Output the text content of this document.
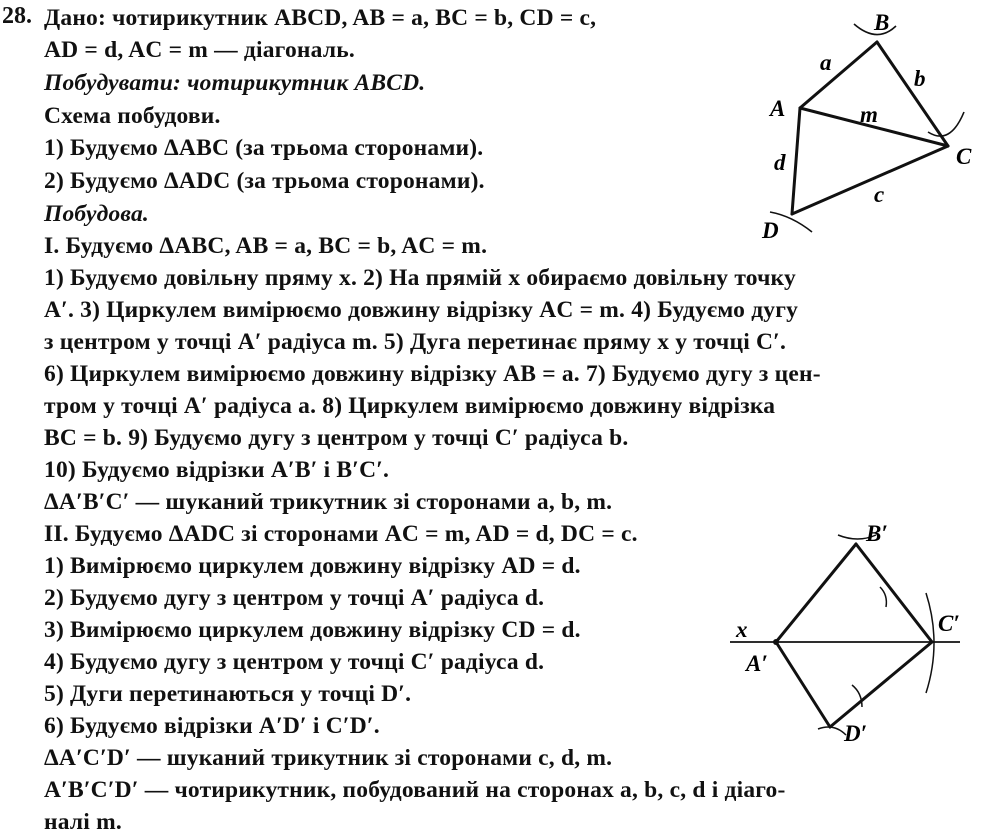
28. Дано: чотирикутник ABCD, AB = a, BC = b, CD = c,
AD = d, AC = m — діагональ.
Побудувати: чотирикутник ABCD.
Схема побудови.
1) Будуємо ΔABC (за трьома сторонами).
2) Будуємо ΔADC (за трьома сторонами).
Побудова.
I. Будуємо ΔABC, AB = a, BC = b, AC = m.
1) Будуємо довільну пряму x. 2) На прямій x обираємо довільну точку
A′. 3) Циркулем вимірюємо довжину відрізку AC = m. 4) Будуємо дугу
з центром у точці A′ радіуса m. 5) Дуга перетинає пряму x у точці C′.
6) Циркулем вимірюємо довжину відрізку AB = a. 7) Будуємо дугу з цен-
тром у точці A′ радіуса a. 8) Циркулем вимірюємо довжину відрізка
BC = b. 9) Будуємо дугу з центром у точці C′ радіуса b.
10) Будуємо відрізки A′B′ і B′C′.
ΔA′B′C′ — шуканий трикутник зі сторонами a, b, m.
II. Будуємо ΔADC зі сторонами AC = m, AD = d, DC = c.
1) Вимірюємо циркулем довжину відрізку AD = d.
2) Будуємо дугу з центром у точці A′ радіуса d.
3) Вимірюємо циркулем довжину відрізку CD = d.
4) Будуємо дугу з центром у точці C′ радіуса d.
5) Дуги перетинаються у точці D′.
6) Будуємо відрізки A′D′ і C′D′.
ΔA′C′D′ — шуканий трикутник зі сторонами c, d, m.
A′B′C′D′ — чотирикутник, побудований на сторонах a, b, c, d і діаго-
налі m.
B
A
C
D
a
b
m
c
d
x
A′
B′
C′
D′
